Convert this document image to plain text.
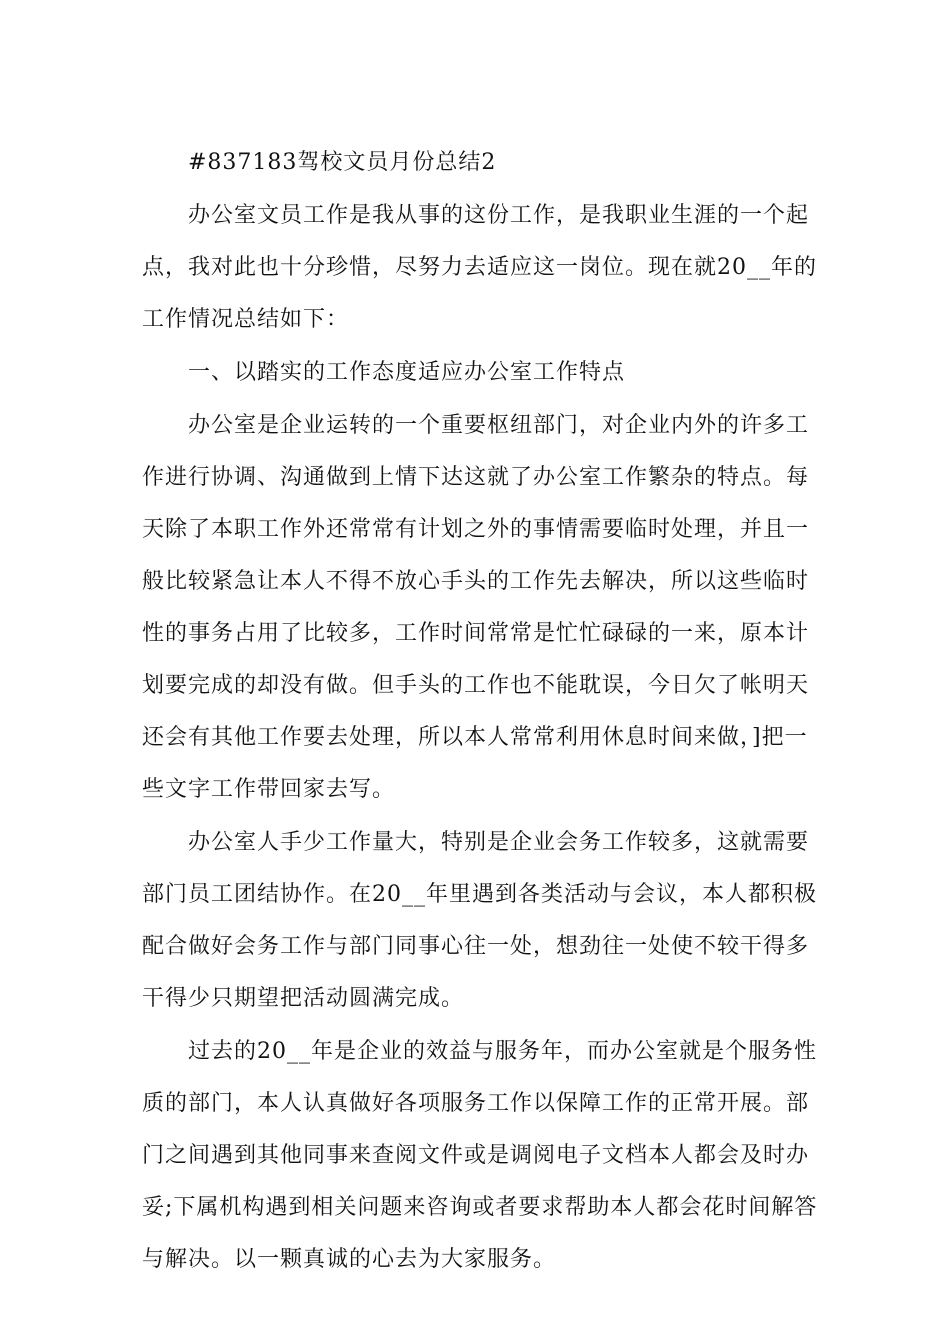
#837183驾校文员月份总结2
办公室文员工作是我从事的这份工作，是我职业生涯的一个起
点，我对此也十分珍惜，尽努力去适应这一岗位。现在就20__年的
工作情况总结如下：
一、以踏实的工作态度适应办公室工作特点
办公室是企业运转的一个重要枢纽部门，对企业内外的许多工
作进行协调、沟通做到上情下达这就了办公室工作繁杂的特点。每
天除了本职工作外还常常有计划之外的事情需要临时处理，并且一
般比较紧急让本人不得不放心手头的工作先去解决，所以这些临时
性的事务占用了比较多，工作时间常常是忙忙碌碌的一来，原本计
划要完成的却没有做。但手头的工作也不能耽误，今日欠了帐明天
还会有其他工作要去处理，所以本人常常利用休息时间来做，]把一
些文字工作带回家去写。
办公室人手少工作量大，特别是企业会务工作较多，这就需要
部门员工团结协作。在20__年里遇到各类活动与会议，本人都积极
配合做好会务工作与部门同事心往一处，想劲往一处使不较干得多
干得少只期望把活动圆满完成。
过去的20__年是企业的效益与服务年，而办公室就是个服务性
质的部门，本人认真做好各项服务工作以保障工作的正常开展。部
门之间遇到其他同事来查阅文件或是调阅电子文档本人都会及时办
妥;下属机构遇到相关问题来咨询或者要求帮助本人都会花时间解答
与解决。以一颗真诚的心去为大家服务。
